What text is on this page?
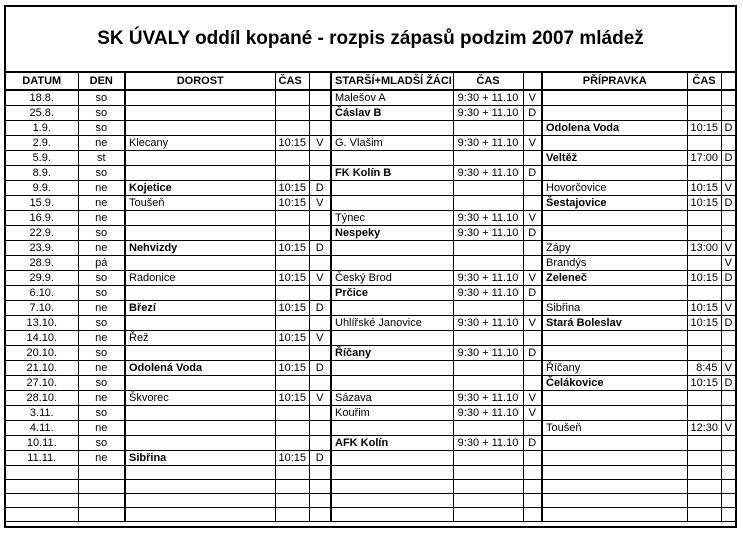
SK ÚVALY oddíl kopané - rozpis zápasů podzim 2007 mládež
DATUM	DEN	DOROST	ČAS		STARŠÍ+MLADŠÍ ŽÁCI	ČAS		PŘÍPRAVKA	ČAS	
18.8.	so				Malešov A	9:30 + 11.10	V			
25.8.	so				Čáslav B	9:30 + 11.10	D			
1.9.	so							Odolena Voda	10:15	D
2.9.	ne	Klecany	10:15	V	G. Vlašim	9:30 + 11.10	V			
5.9.	st							Veltěž	17:00	D
8.9.	so				FK Kolín B	9:30 + 11.10	D			
9.9.	ne	Kojetice	10:15	D				Hovorčovice	10:15	V
15.9.	ne	Toušeň	10:15	V				Šestajovice	10:15	D
16.9.	ne				Týnec	9:30 + 11.10	V			
22.9.	so				Nespeky	9:30 + 11.10	D			
23.9.	ne	Nehvizdy	10:15	D				Zápy	13:00	V
28.9.	pá							Brandýs		V
29.9.	so	Radonice	10:15	V	Český Brod	9:30 + 11.10	V	Zeleneč	10:15	D
6.10.	so				Prčice	9:30 + 11.10	D			
7.10.	ne	Březí	10:15	D				Sibřina	10:15	V
13.10.	so				Uhlířské Janovice	9:30 + 11.10	V	Stará Boleslav	10:15	D
14.10.	ne	Řež	10:15	V						
20.10.	so				Říčany	9:30 + 11.10	D			
21.10.	ne	Odolená Voda	10:15	D				Říčany	8:45	V
27.10.	so							Čelákovice	10:15	D
28.10.	ne	Škvorec	10:15	V	Sázava	9:30 + 11.10	V			
3.11.	so				Kouřim	9:30 + 11.10	V			
4.11.	ne							Toušeň	12:30	V
10.11.	so				AFK Kolín	9:30 + 11.10	D			
11.11.	ne	Sibřina	10:15	D						
